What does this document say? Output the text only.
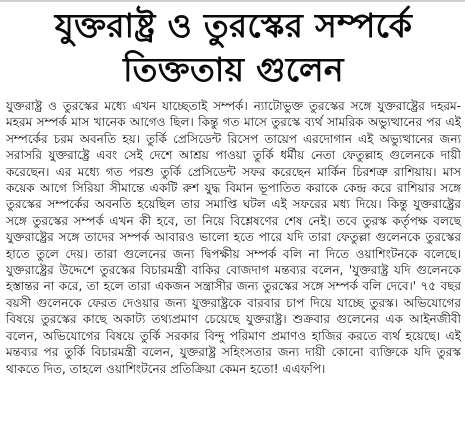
যুক্তরাষ্ট্র ও তুরস্কের সম্পর্কে
তিক্ততায় গুলেন

যুক্তরাষ্ট্র ও তুরস্কের মধ্যে এখন যাচ্ছেতাই সম্পর্ক। ন্যাটোভুক্ত তুরস্কের সঙ্গে যুক্তরাষ্ট্রের দহরম-মহরম সম্পর্ক মাস খানেক আগেও ছিল। কিন্তু গত মাসে তুরস্কে ব্যর্থ সামরিক অভ্যুত্থানের পর এই সম্পর্কের চরম অবনতি হয়। তুর্কি প্রেসিডেন্ট রিসেপ তায়েপ এরদোগান এই অভ্যুত্থানের জন্য সরাসরি যুক্তরাষ্ট্রে এবং সেই দেশে আশ্রয় পাওয়া তুর্কি ধর্মীয় নেতা ফেতুল্লাহ গুলেনকে দায়ী করেছেন। এর মধ্যে গত পরশু তুর্কি প্রেসিডেন্ট সফর করেছেন মার্কিন চিরশত্রু রাশিয়ায়। মাস কয়েক আগে সিরিয়া সীমান্তে একটি রুশ যুদ্ধ বিমান ভূপাতিত করাকে কেন্দ্র করে রাশিয়ার সঙ্গে তুরস্কের সম্পর্কের অবনতি হয়েছিল তার সমাপ্তি ঘটল এই সফরের মধ্য দিয়ে। কিন্তু যুক্তরাষ্ট্রের সঙ্গে তুরস্কের সম্পর্ক এখন কী হবে, তা নিয়ে বিশ্লেষণের শেষ নেই। তবে তুরস্ক কর্তৃপক্ষ বলছে যুক্তরাষ্ট্রের সঙ্গে তাদের সম্পর্ক আবারও ভালো হতে পারে যদি তারা ফেতুল্লা গুলেনকে তুরস্কের হাতে তুলে দেয়। তারা গুলেনের জন্য দ্বিপক্ষীয় সম্পর্ক বলি না দিতে ওয়াশিংটনকে বলেছে। যুক্তরাষ্ট্রের উদ্দেশে তুরস্কের বিচারমন্ত্রী বাকির বোজদাগ মন্তব্যর বলেন, 'যুক্তরাষ্ট্র যদি গুলেনকে হস্তান্তর না করে, তা হলে তারা একজন সন্ত্রাসীর জন্য তুরস্কের সঙ্গে সম্পর্ক বলি দেবে।' ৭৫ বছর বয়সী গুলেনকে ফেরত দেওয়ার জন্য যুক্তরাষ্ট্রকে বারবার চাপ দিয়ে যাচ্ছে তুরস্ক। অভিযোগের বিষয়ে তুরস্কের কাছে অকাট্য তথ্যপ্রমাণ চেয়েছে যুক্তরাষ্ট্র। শুক্রবার গুলেনের এক আইনজীবী বলেন, অভিযোগের বিষয়ে তুর্কি সরকার বিন্দু পরিমাণ প্রমাণও হাজির করতে ব্যর্থ হয়েছে। এই মন্তব্যর পর তুর্কি বিচারমন্ত্রী বলেন, যুক্তরাষ্ট্র সহিংসতার জন্য দায়ী কোনো ব্যক্তিকে যদি তুরস্ক থাকতে দিত, তাহলে ওয়াশিংটনের প্রতিক্রিয়া কেমন হতো! এএফপি।
